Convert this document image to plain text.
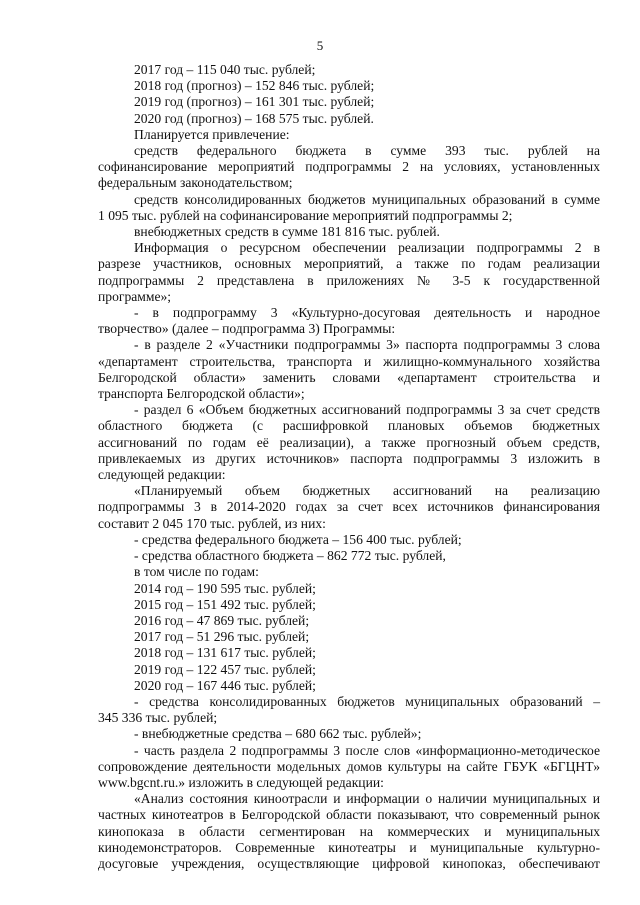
5
2017 год – 115 040 тыс. рублей;
2018 год (прогноз) – 152 846 тыс. рублей;
2019 год (прогноз) – 161 301 тыс. рублей;
2020 год (прогноз) – 168 575 тыс. рублей.
Планируется привлечение:
средств федерального бюджета в сумме 393 тыс. рублей на
софинансирование мероприятий подпрограммы 2 на условиях, установленных
федеральным законодательством;
средств консолидированных бюджетов муниципальных образований в сумме
1 095 тыс. рублей на софинансирование мероприятий подпрограммы 2;
внебюджетных средств в сумме 181 816 тыс. рублей.
Информация о ресурсном обеспечении реализации подпрограммы 2 в
разрезе участников, основных мероприятий, а также по годам реализации
подпрограммы 2 представлена в приложениях № 3-5 к государственной
программе»;
- в подпрограмму 3 «Культурно-досуговая деятельность и народное
творчество» (далее – подпрограмма 3) Программы:
- в разделе 2 «Участники подпрограммы 3» паспорта подпрограммы 3 слова
«департамент строительства, транспорта и жилищно-коммунального хозяйства
Белгородской области» заменить словами «департамент строительства и
транспорта Белгородской области»;
- раздел 6 «Объем бюджетных ассигнований подпрограммы 3 за счет средств
областного бюджета (с расшифровкой плановых объемов бюджетных
ассигнований по годам её реализации), а также прогнозный объем средств,
привлекаемых из других источников» паспорта подпрограммы 3 изложить в
следующей редакции:
«Планируемый объем бюджетных ассигнований на реализацию
подпрограммы 3 в 2014-2020 годах за счет всех источников финансирования
составит 2 045 170 тыс. рублей, из них:
- средства федерального бюджета – 156 400 тыс. рублей;
- средства областного бюджета – 862 772 тыс. рублей,
в том числе по годам:
2014 год – 190 595 тыс. рублей;
2015 год – 151 492 тыс. рублей;
2016 год – 47 869 тыс. рублей;
2017 год – 51 296 тыс. рублей;
2018 год – 131 617 тыс. рублей;
2019 год – 122 457 тыс. рублей;
2020 год – 167 446 тыс. рублей;
- средства консолидированных бюджетов муниципальных образований –
345 336 тыс. рублей;
- внебюджетные средства – 680 662 тыс. рублей»;
- часть раздела 2 подпрограммы 3 после слов «информационно-методическое
сопровождение деятельности модельных домов культуры на сайте ГБУК «БГЦНТ»
www.bgcnt.ru.» изложить в следующей редакции:
«Анализ состояния киноотрасли и информации о наличии муниципальных и
частных кинотеатров в Белгородской области показывают, что современный рынок
кинопоказа в области сегментирован на коммерческих и муниципальных
кинодемонстраторов. Современные кинотеатры и муниципальные культурно-
досуговые учреждения, осуществляющие цифровой кинопоказ, обеспечивают
